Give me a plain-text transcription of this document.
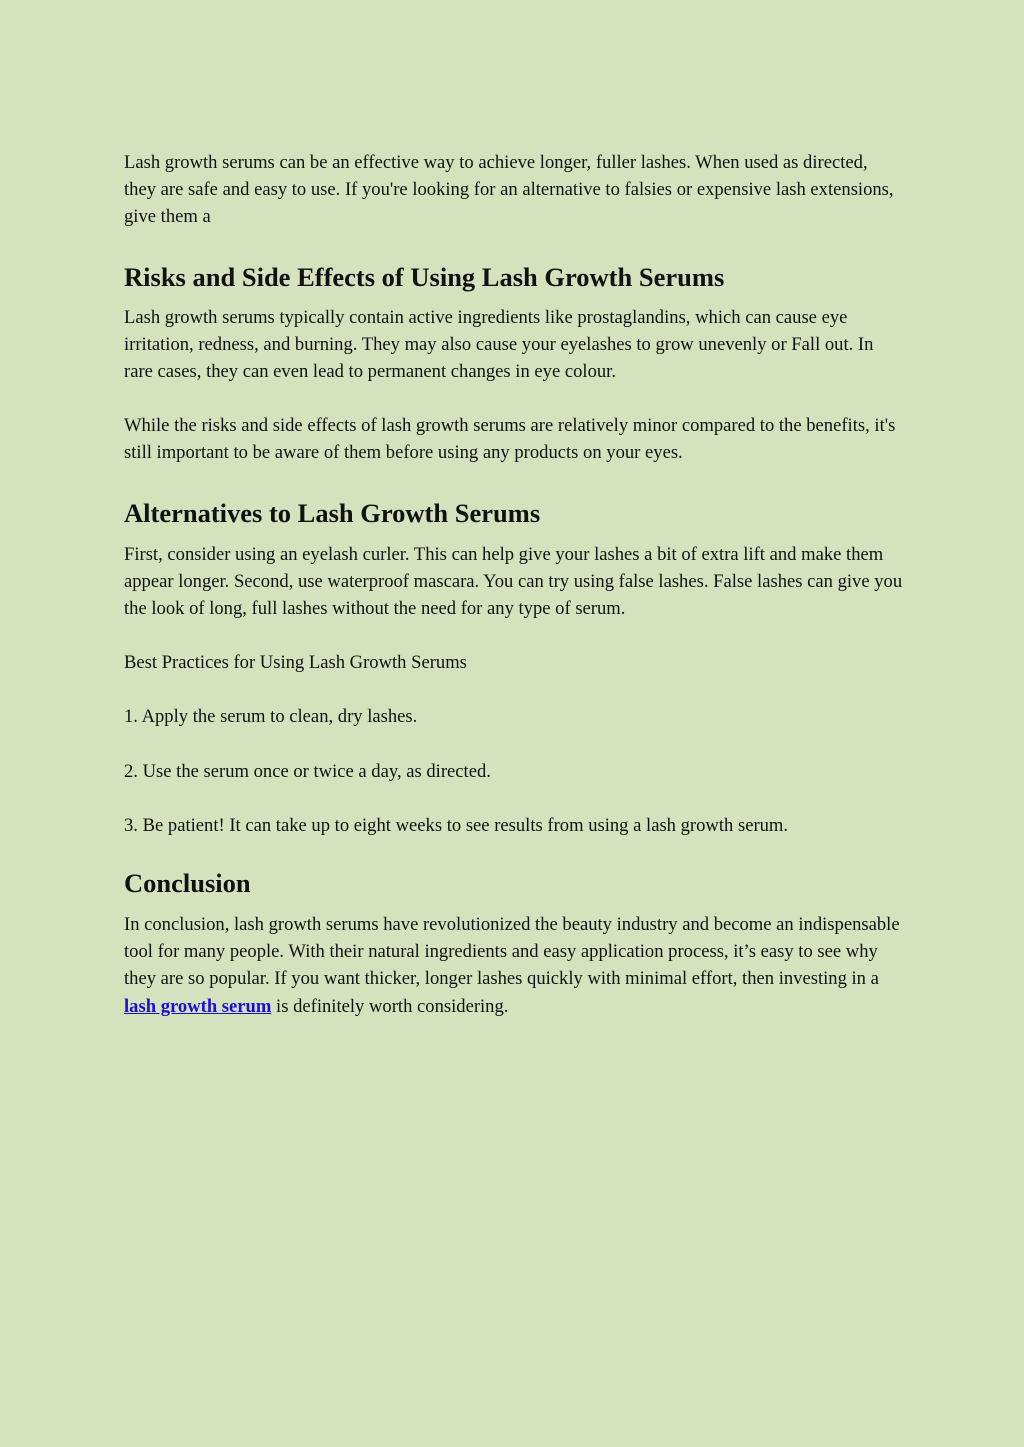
Lash growth serums can be an effective way to achieve longer, fuller lashes. When used as directed, they are safe and easy to use. If you're looking for an alternative to falsies or expensive lash extensions, give them a

Risks and Side Effects of Using Lash Growth Serums

Lash growth serums typically contain active ingredients like prostaglandins, which can cause eye irritation, redness, and burning. They may also cause your eyelashes to grow unevenly or Fall out. In rare cases, they can even lead to permanent changes in eye colour.

While the risks and side effects of lash growth serums are relatively minor compared to the benefits, it's still important to be aware of them before using any products on your eyes.

Alternatives to Lash Growth Serums

First, consider using an eyelash curler. This can help give your lashes a bit of extra lift and make them appear longer. Second, use waterproof mascara. You can try using false lashes. False lashes can give you the look of long, full lashes without the need for any type of serum.

Best Practices for Using Lash Growth Serums

1. Apply the serum to clean, dry lashes.

2. Use the serum once or twice a day, as directed.

3. Be patient! It can take up to eight weeks to see results from using a lash growth serum.

Conclusion

In conclusion, lash growth serums have revolutionized the beauty industry and become an indispensable tool for many people. With their natural ingredients and easy application process, it’s easy to see why they are so popular. If you want thicker, longer lashes quickly with minimal effort, then investing in a lash growth serum is definitely worth considering.
